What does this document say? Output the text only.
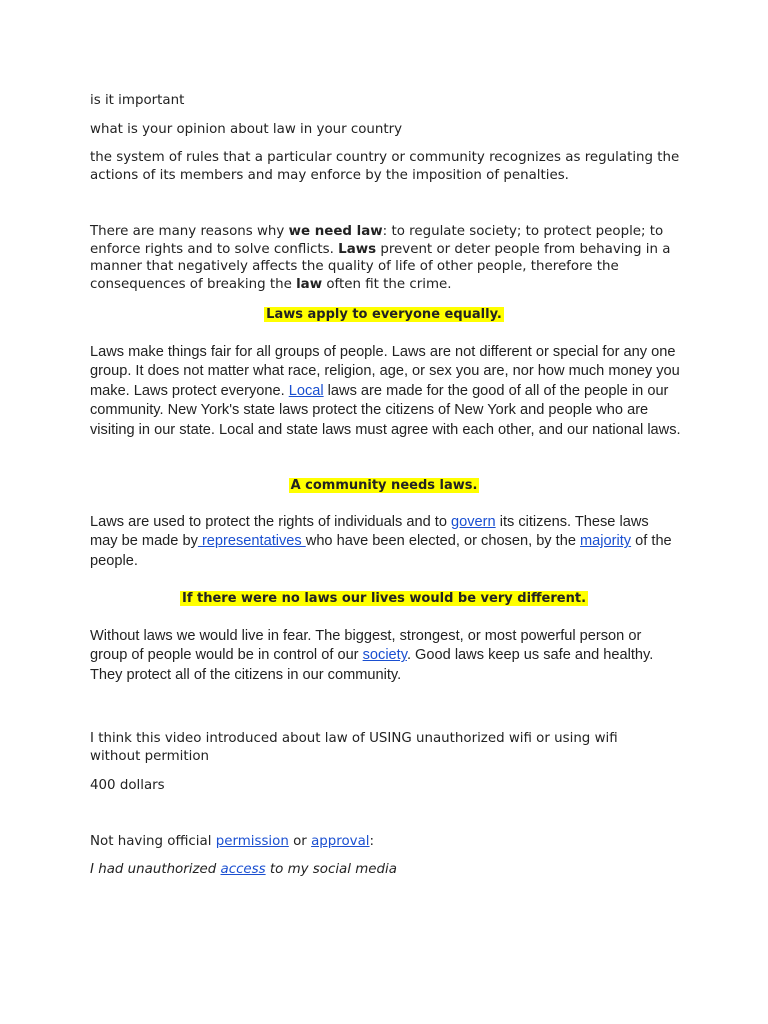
is it important

what is your opinion about law in your country

the system of rules that a particular country or community recognizes as regulating the actions of its members and may enforce by the imposition of penalties.

There are many reasons why we need law: to regulate society; to protect people; to enforce rights and to solve conflicts. Laws prevent or deter people from behaving in a manner that negatively affects the quality of life of other people, therefore the consequences of breaking the law often fit the crime.

Laws apply to everyone equally.

Laws make things fair for all groups of people. Laws are not different or special for any one group. It does not matter what race, religion, age, or sex you are, nor how much money you make. Laws protect everyone. Local laws are made for the good of all of the people in our community. New York's state laws protect the citizens of New York and people who are visiting in our state. Local and state laws must agree with each other, and our national laws.

A community needs laws.

Laws are used to protect the rights of individuals and to govern its citizens. These laws may be made by representatives who have been elected, or chosen, by the majority of the people.

If there were no laws our lives would be very different.

Without laws we would live in fear. The biggest, strongest, or most powerful person or group of people would be in control of our society. Good laws keep us safe and healthy. They protect all of the citizens in our community.

I think this video introduced about law of USING unauthorized wifi or using wifi without permition

400 dollars

Not having official permission or approval:

I had unauthorized access to my social media
